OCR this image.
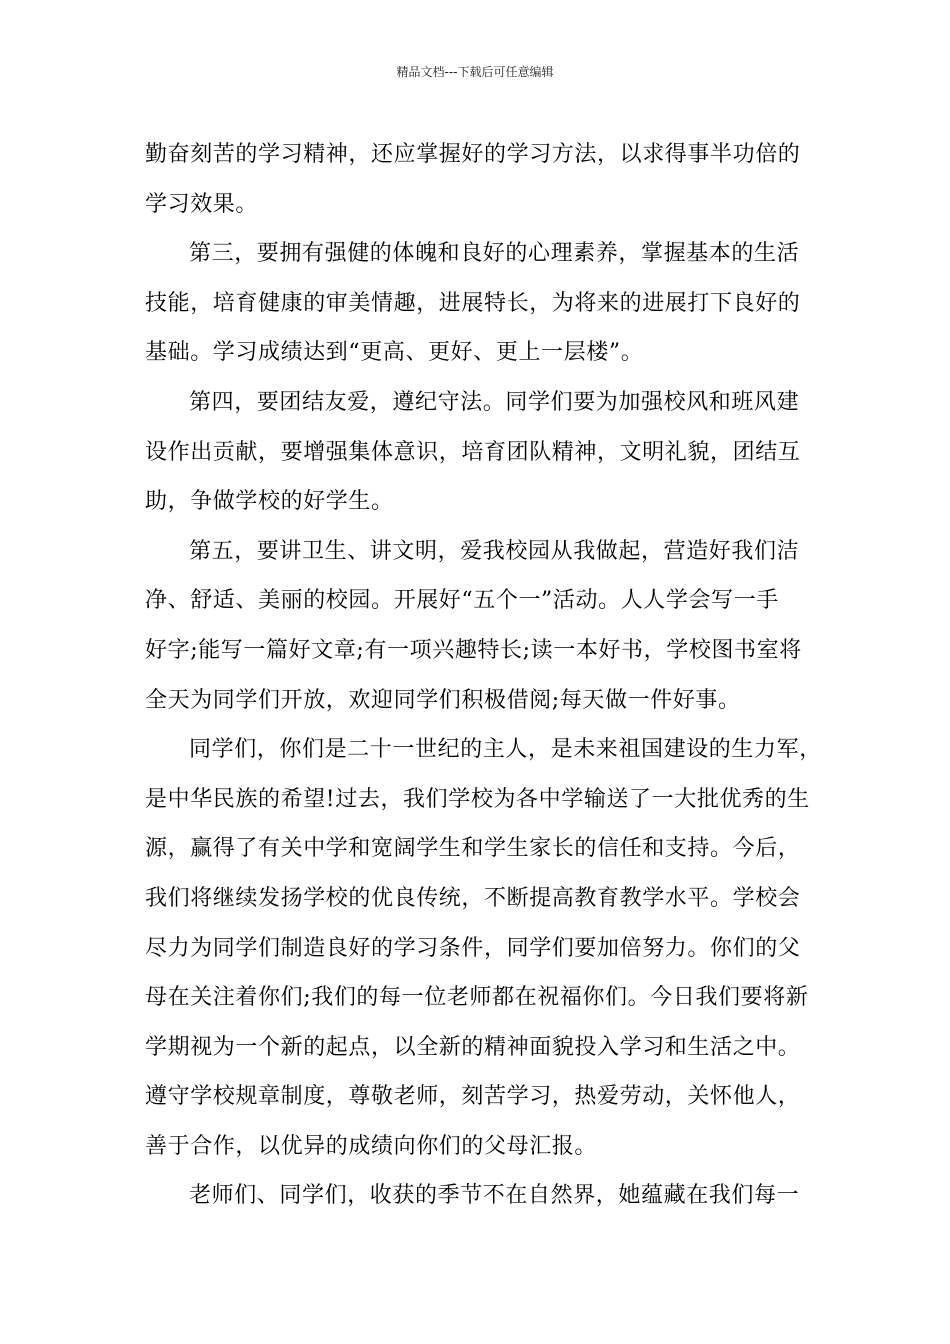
精品文档---下载后可任意编辑
勤奋刻苦的学习精神，还应掌握好的学习方法，以求得事半功倍的
学习效果。
第三，要拥有强健的体魄和良好的心理素养，掌握基本的生活
技能，培育健康的审美情趣，进展特长，为将来的进展打下良好的
基础。学习成绩达到“更高、更好、更上一层楼”。
第四，要团结友爱，遵纪守法。同学们要为加强校风和班风建
设作出贡献，要增强集体意识，培育团队精神，文明礼貌，团结互
助，争做学校的好学生。
第五，要讲卫生、讲文明，爱我校园从我做起，营造好我们洁
净、舒适、美丽的校园。开展好“五个一”活动。人人学会写一手
好字;能写一篇好文章;有一项兴趣特长;读一本好书，学校图书室将
全天为同学们开放，欢迎同学们积极借阅;每天做一件好事。
同学们，你们是二十一世纪的主人，是未来祖国建设的生力军，
是中华民族的希望!过去，我们学校为各中学输送了一大批优秀的生
源，赢得了有关中学和宽阔学生和学生家长的信任和支持。今后，
我们将继续发扬学校的优良传统，不断提高教育教学水平。学校会
尽力为同学们制造良好的学习条件，同学们要加倍努力。你们的父
母在关注着你们;我们的每一位老师都在祝福你们。今日我们要将新
学期视为一个新的起点，以全新的精神面貌投入学习和生活之中。
遵守学校规章制度，尊敬老师，刻苦学习，热爱劳动，关怀他人，
善于合作，以优异的成绩向你们的父母汇报。
老师们、同学们，收获的季节不在自然界，她蕴藏在我们每一
